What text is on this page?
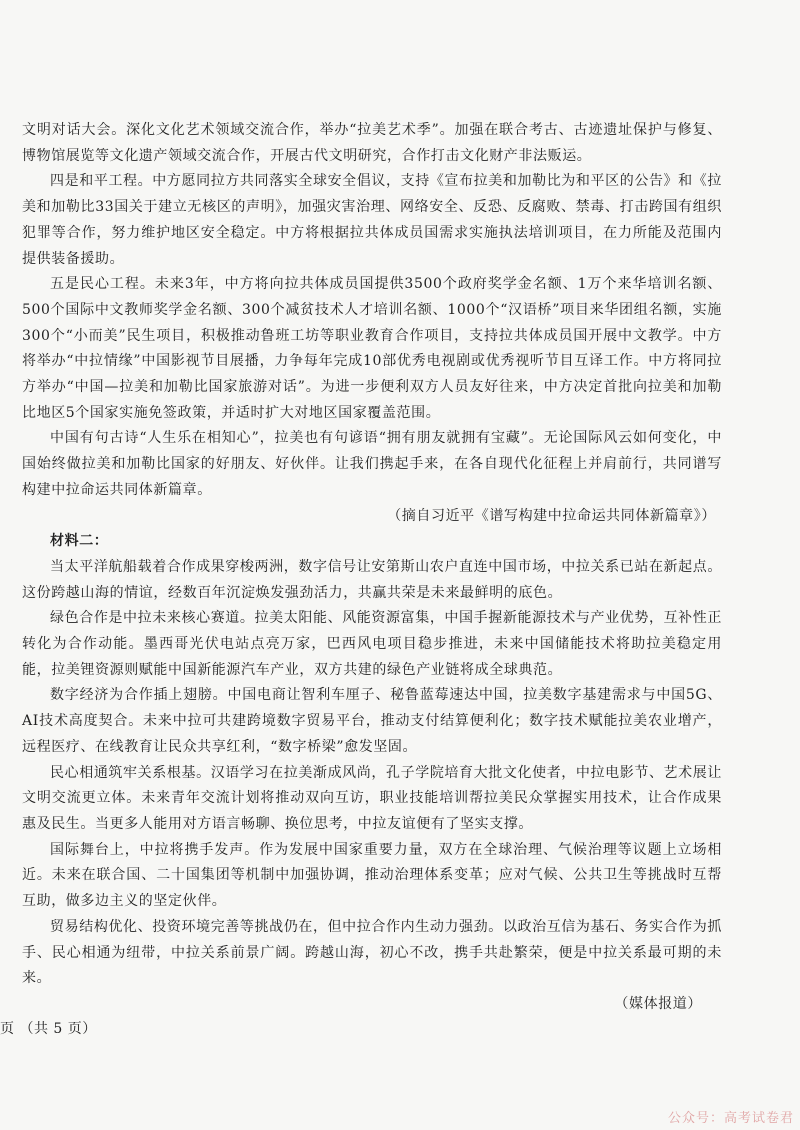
文明对话大会。深化文化艺术领域交流合作，举办“拉美艺术季”。加强在联合考古、古迹遗址保护与修复、博物馆展览等文化遗产领域交流合作，开展古代文明研究，合作打击文化财产非法贩运。

四是和平工程。中方愿同拉方共同落实全球安全倡议，支持《宣布拉美和加勒比为和平区的公告》和《拉美和加勒比33国关于建立无核区的声明》，加强灾害治理、网络安全、反恐、反腐败、禁毒、打击跨国有组织犯罪等合作，努力维护地区安全稳定。中方将根据拉共体成员国需求实施执法培训项目，在力所能及范围内提供装备援助。

五是民心工程。未来3年，中方将向拉共体成员国提供3500个政府奖学金名额、1万个来华培训名额、500个国际中文教师奖学金名额、300个减贫技术人才培训名额、1000个“汉语桥”项目来华团组名额，实施300个“小而美”民生项目，积极推动鲁班工坊等职业教育合作项目，支持拉共体成员国开展中文教学。中方将举办“中拉情缘”中国影视节目展播，力争每年完成10部优秀电视剧或优秀视听节目互译工作。中方将同拉方举办“中国—拉美和加勒比国家旅游对话”。为进一步便利双方人员友好往来，中方决定首批向拉美和加勒比地区5个国家实施免签政策，并适时扩大对地区国家覆盖范围。

中国有句古诗“人生乐在相知心”，拉美也有句谚语“拥有朋友就拥有宝藏”。无论国际风云如何变化，中国始终做拉美和加勒比国家的好朋友、好伙伴。让我们携起手来，在各自现代化征程上并肩前行，共同谱写构建中拉命运共同体新篇章。

（摘自习近平《谱写构建中拉命运共同体新篇章》）

材料二：

当太平洋航船载着合作成果穿梭两洲，数字信号让安第斯山农户直连中国市场，中拉关系已站在新起点。这份跨越山海的情谊，经数百年沉淀焕发强劲活力，共赢共荣是未来最鲜明的底色。

绿色合作是中拉未来核心赛道。拉美太阳能、风能资源富集，中国手握新能源技术与产业优势，互补性正转化为合作动能。墨西哥光伏电站点亮万家，巴西风电项目稳步推进，未来中国储能技术将助拉美稳定用能，拉美锂资源则赋能中国新能源汽车产业，双方共建的绿色产业链将成全球典范。

数字经济为合作插上翅膀。中国电商让智利车厘子、秘鲁蓝莓速达中国，拉美数字基建需求与中国5G、AI技术高度契合。未来中拉可共建跨境数字贸易平台，推动支付结算便利化；数字技术赋能拉美农业增产，远程医疗、在线教育让民众共享红利，“数字桥梁”愈发坚固。

民心相通筑牢关系根基。汉语学习在拉美渐成风尚，孔子学院培育大批文化使者，中拉电影节、艺术展让文明交流更立体。未来青年交流计划将推动双向互访，职业技能培训帮拉美民众掌握实用技术，让合作成果惠及民生。当更多人能用对方语言畅聊、换位思考，中拉友谊便有了坚实支撑。

国际舞台上，中拉将携手发声。作为发展中国家重要力量，双方在全球治理、气候治理等议题上立场相近。未来在联合国、二十国集团等机制中加强协调，推动治理体系变革；应对气候、公共卫生等挑战时互帮互助，做多边主义的坚定伙伴。

贸易结构优化、投资环境完善等挑战仍在，但中拉合作内生动力强劲。以政治互信为基石、务实合作为抓手、民心相通为纽带，中拉关系前景广阔。跨越山海，初心不改，携手共赴繁荣，便是中拉关系最可期的未来。

（媒体报道）

页 （共 5 页）
公众号：高考试卷君
